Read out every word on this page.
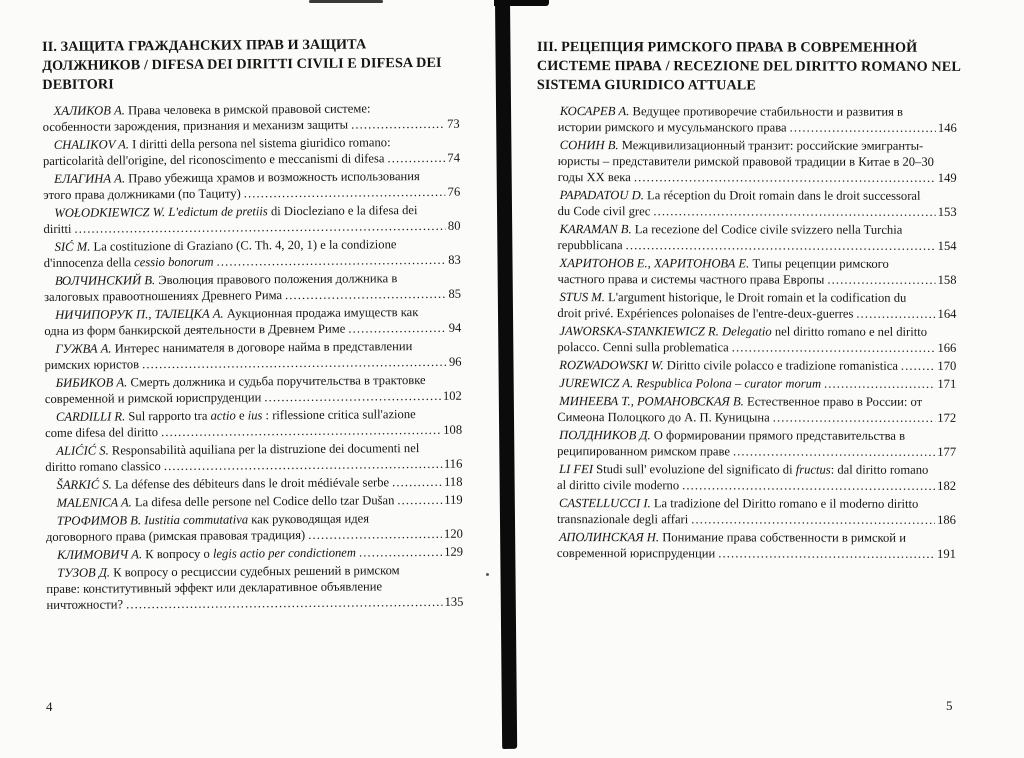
II. ЗАЩИТА ГРАЖДАНСКИХ ПРАВ И ЗАЩИТА
ДОЛЖНИКОВ / DIFESA DEI DIRITTI CIVILI E DIFESA DEI
DEBITORI
ХАЛИКОВ А. Права человека в римской правовой системе:
особенности зарождения, признания и механизм защиты .....	73
CHALIKOV A. I diritti della persona nel sistema giuridico romano:
particolarità dell'origine, del riconoscimento e meccanismi di difesa .....	74
ЕЛАГИНА А. Право убежища храмов и возможность использования
этого права должниками (по Тациту) .....	76
WOŁODKIEWICZ W. L'edictum de pretiis di Diocleziano e la difesa dei
diritti .....	80
SIĆ M. La costituzione di Graziano (C. Th. 4, 20, 1) e la condizione
d'innocenza della cessio bonorum .....	83
ВОЛЧИНСКИЙ В. Эволюция правового положения должника в
залоговых правоотношениях Древнего Рима .....	85
НИЧИПОРУК П., ТАЛЕЦКА А. Аукционная продажа имуществ как
одна из форм банкирской деятельности в Древнем Риме .....	94
ГУЖВА А. Интерес нанимателя в договоре найма в представлении
римских юристов .....	96
БИБИКОВ А. Смерть должника и судьба поручительства в трактовке
современной и римской юриспруденции .....	102
CARDILLI R. Sul rapporto tra actio e ius : riflessione critica sull'azione
come difesa del diritto .....	108
ALIĆIĆ S. Responsabilità aquiliana per la distruzione dei documenti nel
diritto romano classico .....	116
ŠARKIĆ S. La défense des débiteurs dans le droit médiévale serbe .....	118
MALENICA A. La difesa delle persone nel Codice dello tzar Dušan .....	119
ТРОФИМОВ В. Iustitia commutativa как руководящая идея
договорного права (римская правовая традиция) .....	120
КЛИМОВИЧ А. К вопросу о legis actio per condictionem .....	129
ТУЗОВ Д. К вопросу о ресциссии судебных решений в римском
праве: конститутивный эффект или декларативное объявление
ничтожности? .....	135
III. РЕЦЕПЦИЯ РИМСКОГО ПРАВА В СОВРЕМЕННОЙ
СИСТЕМЕ ПРАВА / RECEZIONE DEL DIRITTO ROMANO NEL
SISTEMA GIURIDICO ATTUALE
КОСАРЕВ А. Ведущее противоречие стабильности и развития в
истории римского и мусульманского права .....	146
СОНИН В. Межцивилизационный транзит: российские эмигранты-
юристы – представители римской правовой традиции в Китае в 20–30
годы XX века .....	149
PAPADATOU D. La réception du Droit romain dans le droit successoral
du Code civil grec .....	153
KARAMAN B. La recezione del Codice civile svizzero nella Turchia
repubblicana .....	154
ХАРИТОНОВ Е., ХАРИТОНОВА Е. Типы рецепции римского
частного права и системы частного права Европы .....	158
STUS M. L'argument historique, le Droit romain et la codification du
droit privé. Expériences polonaises de l'entre-deux-guerres .....	164
JAWORSKA-STANKIEWICZ R. Delegatio nel diritto romano e nel diritto
polacco. Cenni sulla problematica .....	166
ROZWADOWSKI W. Diritto civile polacco e tradizione romanistica .....	170
JUREWICZ A. Respublica Polona – curator morum .....	171
МИНЕЕВА Т., РОМАНОВСКАЯ В. Естественное право в России: от
Симеона Полоцкого до А. П. Куницына .....	172
ПОЛДНИКОВ Д. О формировании прямого представительства в
реципированном римском праве .....	177
LI FEI Studi sull' evoluzione del significato di fructus: dal diritto romano
al diritto civile moderno .....	182
CASTELLUCCI I. La tradizione del Diritto romano e il moderno diritto
transnazionale degli affari .....	186
АПОЛИНСКАЯ Н. Понимание права собственности в римской и
современной юриспруденции .....	191
4	5
